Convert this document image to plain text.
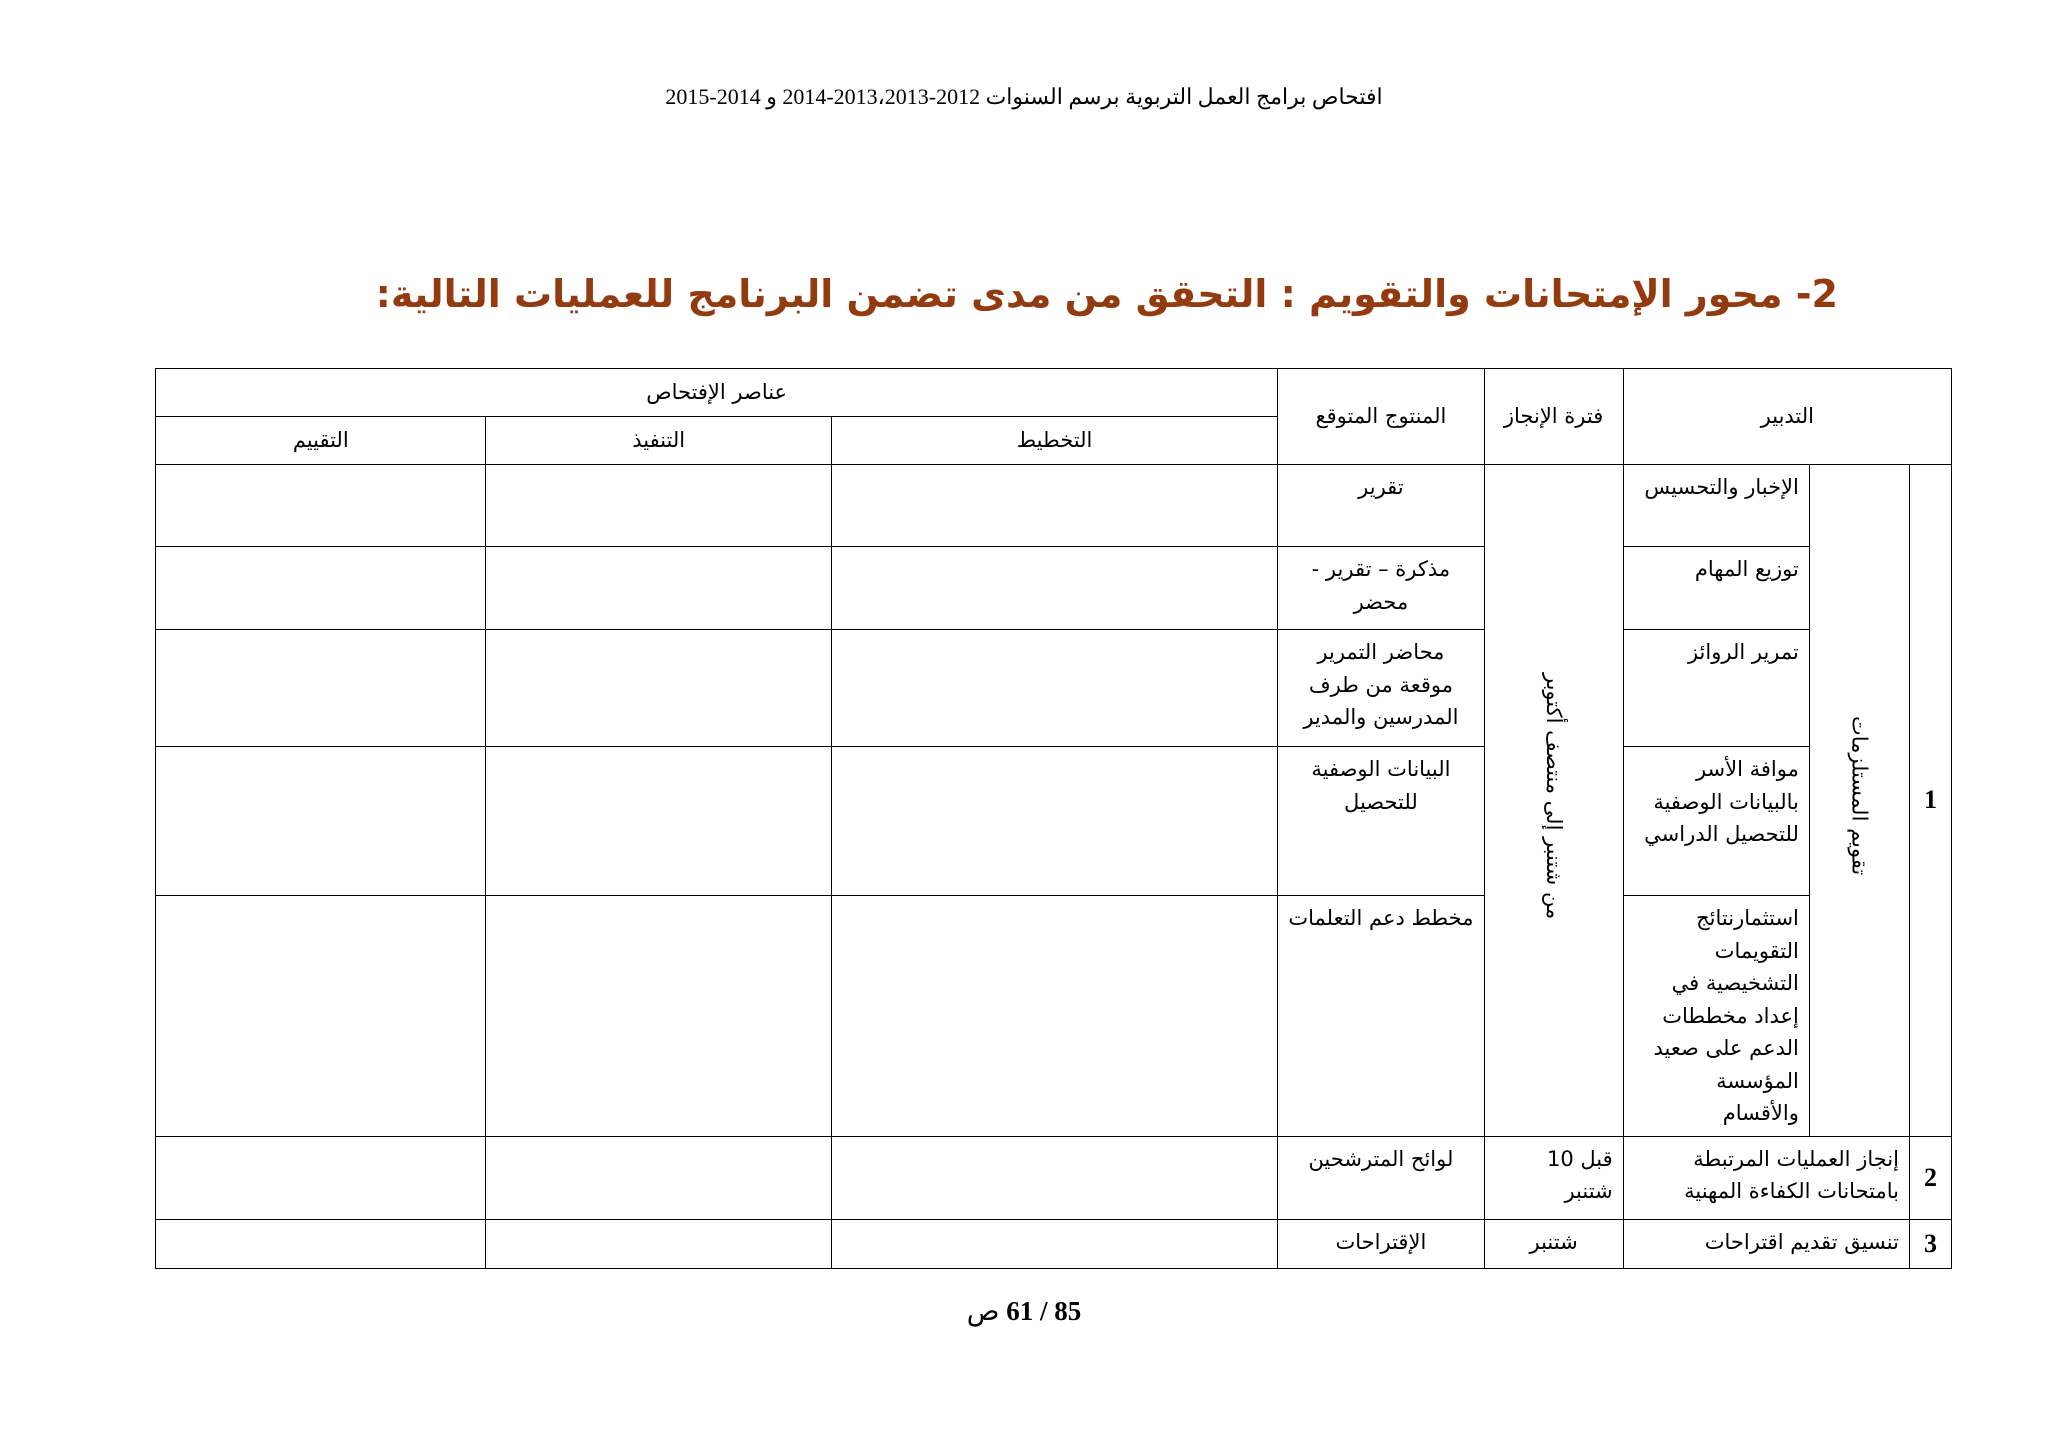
افتحاص برامج العمل التربوية برسم السنوات 2012-2013،2013-2014 و 2014-2015
2- محور الإمتحانات والتقويم : التحقق من مدى تضمن البرنامج للعمليات التالية:
التدبير			فترة الإنجاز	المنتوج المتوقع	عناصر الإفتحاص		
					التخطيط	التنفيذ	التقييم
1	تقويم المستلزمات	الإخبار والتحسيس	من شتنبر إلى منتصف أكتوبر	تقرير			
		توزيع المهام		مذكرة – تقرير - محضر			
		تمرير الروائز		محاضر التمرير موقعة من طرف المدرسين والمدير			
		موافة الأسر بالبيانات الوصفية للتحصيل الدراسي		البيانات الوصفية للتحصيل			
		استثمارنتائج التقويمات التشخيصية في إعداد مخططات الدعم على صعيد المؤسسة والأقسام		مخطط دعم التعلمات			
2	إنجاز العمليات المرتبطة بامتحانات الكفاءة المهنية		قبل 10 شتنبر	لوائح المترشحين			
3	تنسيق تقديم اقتراحات		شتنبر	الإقتراحات			
85 / 61 ص
